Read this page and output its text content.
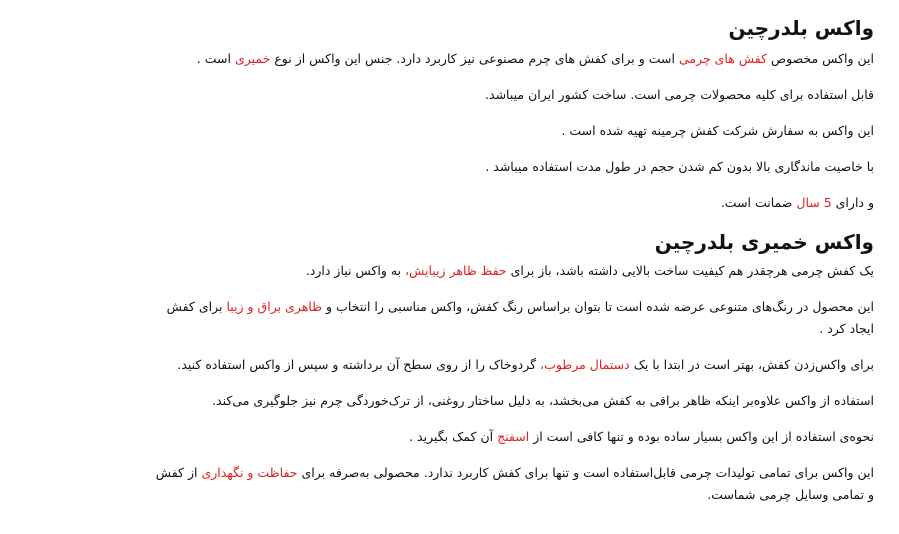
واکس بلدرچین

این واکس مخصوص کفش های چرمی است و برای کفش های چرم مصنوعی نیز کاربرد دارد. جنس این واکس از نوع خمیری است .

قابل استفاده برای کلیه محصولات چرمی است. ساخت کشور ایران میباشد.

این واکس به سفارش شرکت کفش چرمینه تهیه شده است .

با خاصیت ماندگاری بالا بدون کم شدن حجم در طول مدت استفاده میباشد .

و دارای 5 سال ضمانت است.

واکس خمیری بلدرچین

یک کفش چرمی هرچقدر هم کیفیت ساخت بالایی داشته باشد، باز برای حفظ ظاهر زیبایش، به واکس نیاز دارد.

این محصول در رنگ‌های متنوعی عرضه شده است تا بتوان براساس رنگ کفش، واکس مناسبی را انتخاب و ظاهری براق و زیبا برای کفش ایجاد کرد .

برای واکس‌زدن کفش، بهتر است در ابتدا با یک دستمال مرطوب، گردوخاک را از روی سطح آن برداشته و سپس از واکس استفاده کنید.

استفاده از واکس علاوه‌بر اینکه ظاهر براقی به کفش می‌بخشد، به دلیل ساختار روغنی، از ترک‌خوردگی چرم نیز جلوگیری می‌کند.

نحوه‌ی استفاده از این واکس بسیار ساده بوده و تنها کافی است از اسفنج آن کمک بگیرید .

این واکس برای تمامی تولیدات چرمی قابل‌استفاده است و تنها برای کفش کاربرد ندارد. محصولی به‌صرفه برای حفاظت و نگهداری از کفش و تمامی وسایل چرمی شماست.
